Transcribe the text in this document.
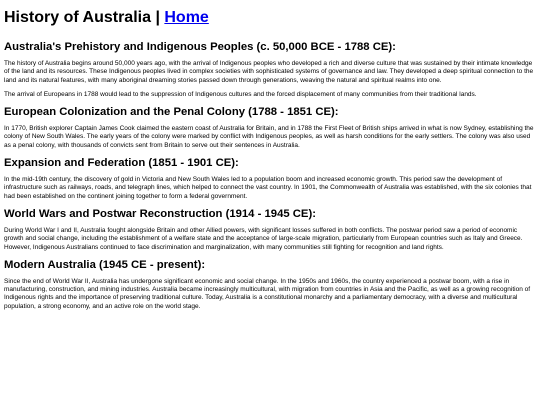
History of Australia | Home
Australia's Prehistory and Indigenous Peoples (c. 50,000 BCE - 1788 CE):

The history of Australia begins around 50,000 years ago, with the arrival of Indigenous peoples who developed a rich and diverse culture that was sustained by their intimate knowledge of the land and its resources. These Indigenous peoples lived in complex societies with sophisticated systems of governance and law. They developed a deep spiritual connection to the land and its natural features, with many aboriginal dreaming stories passed down through generations, weaving the natural and spiritual realms into one.

The arrival of Europeans in 1788 would lead to the suppression of Indigenous cultures and the forced displacement of many communities from their traditional lands.

European Colonization and the Penal Colony (1788 - 1851 CE):

In 1770, British explorer Captain James Cook claimed the eastern coast of Australia for Britain, and in 1788 the First Fleet of British ships arrived in what is now Sydney, establishing the colony of New South Wales. The early years of the colony were marked by conflict with Indigenous peoples, as well as harsh conditions for the early settlers. The colony was also used as a penal colony, with thousands of convicts sent from Britain to serve out their sentences in Australia.

Expansion and Federation (1851 - 1901 CE):

In the mid-19th century, the discovery of gold in Victoria and New South Wales led to a population boom and increased economic growth. This period saw the development of infrastructure such as railways, roads, and telegraph lines, which helped to connect the vast country. In 1901, the Commonwealth of Australia was established, with the six colonies that had been established on the continent joining together to form a federal government.

World Wars and Postwar Reconstruction (1914 - 1945 CE):

During World War I and II, Australia fought alongside Britain and other Allied powers, with significant losses suffered in both conflicts. The postwar period saw a period of economic growth and social change, including the establishment of a welfare state and the acceptance of large-scale migration, particularly from European countries such as Italy and Greece. However, Indigenous Australians continued to face discrimination and marginalization, with many communities still fighting for recognition and land rights.

Modern Australia (1945 CE - present):

Since the end of World War II, Australia has undergone significant economic and social change. In the 1950s and 1960s, the country experienced a postwar boom, with a rise in manufacturing, construction, and mining industries. Australia became increasingly multicultural, with migration from countries in Asia and the Pacific, as well as a growing recognition of Indigenous rights and the importance of preserving traditional culture. Today, Australia is a constitutional monarchy and a parliamentary democracy, with a diverse and multicultural population, a strong economy, and an active role on the world stage.
